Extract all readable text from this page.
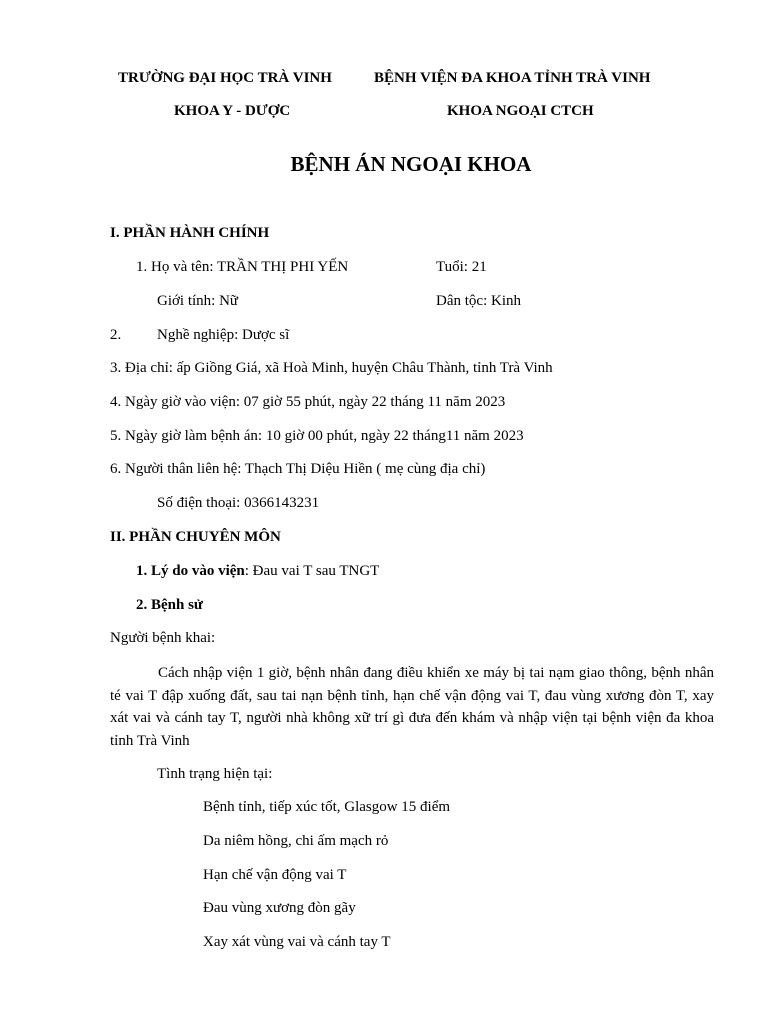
TRƯỜNG ĐẠI HỌC TRÀ VINH	BỆNH VIỆN ĐA KHOA TỈNH TRÀ VINH
KHOA Y - DƯỢC	KHOA NGOẠI CTCH
BỆNH ÁN NGOẠI KHOA
I. PHẦN HÀNH CHÍNH
1. Họ và tên: TRẦN THỊ PHI YẾN	Tuổi: 21
Giới tính: Nữ	Dân tộc: Kinh
2. Nghề nghiệp: Dược sĩ
3. Địa chỉ: ấp Giồng Giá, xã Hoà Minh, huyện Châu Thành, tỉnh Trà Vinh
4. Ngày giờ vào viện: 07 giờ 55 phút, ngày 22 tháng 11 năm 2023
5. Ngày giờ làm bệnh án: 10 giờ 00 phút, ngày 22 tháng11 năm 2023
6. Người thân liên hệ: Thạch Thị Diệu Hiền ( mẹ cùng địa chỉ)
Số điện thoại: 0366143231
II. PHẦN CHUYÊN MÔN
1. Lý do vào viện: Đau vai T sau TNGT
2. Bệnh sử
Người bệnh khai:
Cách nhập viện 1 giờ, bệnh nhân đang điều khiển xe máy bị tai nạm giao thông, bệnh nhân té vai T đập xuống đất, sau tai nạn bệnh tỉnh, hạn chế vận động vai T, đau vùng xương đòn T, xay xát vai và cánh tay T, người nhà không xữ trí gì đưa đến khám và nhập viện tại bệnh viện đa khoa tỉnh Trà Vinh
Tình trạng hiện tại:
Bệnh tỉnh, tiếp xúc tốt, Glasgow 15 điểm
Da niêm hồng, chi ấm mạch rỏ
Hạn chế vận động vai T
Đau vùng xương đòn gãy
Xay xát vùng vai và cánh tay T
